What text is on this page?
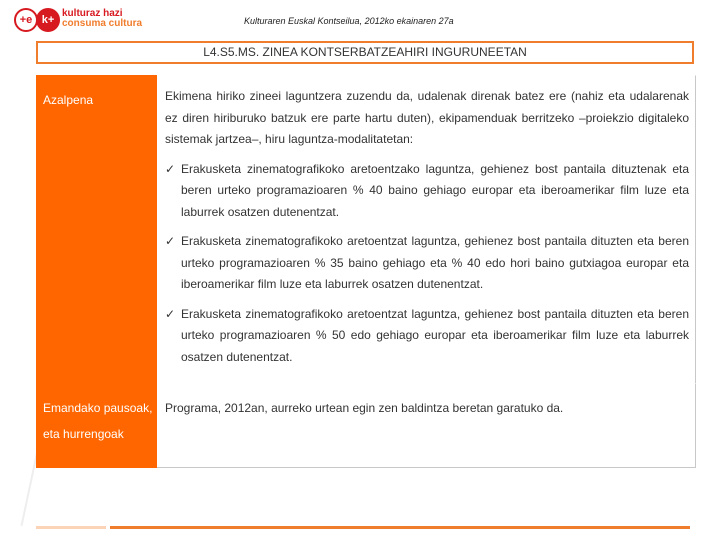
+e k+
kulturaz hazi
consuma cultura	Kulturaren Euskal Kontseilua, 2012ko ekainaren 27a
L4.S5.MS. ZINEA KONTSERBATZEAHIRI INGURUNEETAN
Azalpena	Ekimena hiriko zineei laguntzera zuzendu da, udalenak direnak batez ere (nahiz eta udalarenak ez diren hiriburuko batzuk ere parte hartu duten), ekipamenduak berritzeko –proiekzio digitaleko sistemak jartzea–, hiru laguntza-modalitatetan:
✓ Erakusketa zinematografikoko aretoentzako laguntza, gehienez bost pantaila dituztenak eta beren urteko programazioaren % 40 baino gehiago europar eta iberoamerikar film luze eta laburrek osatzen dutenentzat.
✓ Erakusketa zinematografikoko aretoentzat laguntza, gehienez bost pantaila dituzten eta beren urteko programazioaren % 35 baino gehiago eta % 40 edo hori baino gutxiagoa europar eta iberoamerikar film luze eta laburrek osatzen dutenentzat.
✓ Erakusketa zinematografikoko aretoentzat laguntza, gehienez bost pantaila dituzten eta beren urteko programazioaren % 50 edo gehiago europar eta iberoamerikar film luze eta laburrek osatzen dutenentzat.
Emandako pausoak, eta hurrengoak
Programa, 2012an, aurreko urtean egin zen baldintza beretan garatuko da.
